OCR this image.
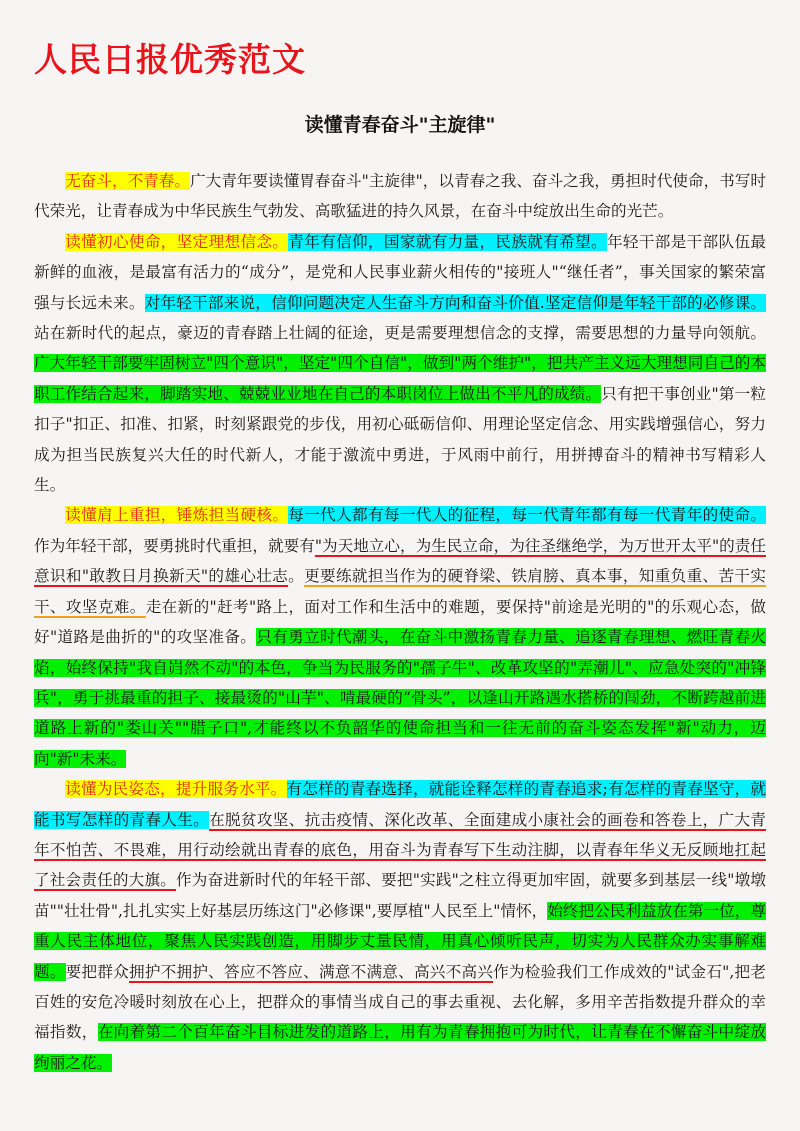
人民日报优秀范文
读懂青春奋斗"主旋律"

无奋斗，不青春。广大青年要读懂胃春奋斗"主旋律"，以青春之我、奋斗之我，勇担时代使命，书写时代荣光，让青春成为中华民族生气勃发、高歌猛进的持久风景，在奋斗中绽放出生命的光芒。

读懂初心使命，坚定理想信念。青年有信仰，国家就有力量，民族就有希望。年轻干部是干部队伍最新鲜的血液，是最富有活力的“成分”，是党和人民事业薪火相传的"接班人"“继任者”，事关国家的繁荣富强与长远未来。对年轻干部来说，信仰问题决定人生奋斗方向和奋斗价值.坚定信仰是年轻干部的必修课。站在新时代的起点，豪迈的青春踏上壮阔的征途，更是需要理想信念的支撑，需要思想的力量导向领航。广大年轻干部要牢固树立"四个意识"，坚定"四个自信"，做到"两个维护"，把共产主义远大理想同自己的本职工作结合起来，脚踏实地、兢兢业业地在自己的本职岗位上做出不平凡的成绩。只有把干事创业"第一粒扣子"扣正、扣准、扣紧，时刻紧跟党的步伐，用初心砥砺信仰、用理论坚定信念、用实践增强信心，努力成为担当民族复兴大任的时代新人，才能于激流中勇进，于风雨中前行，用拼搏奋斗的精神书写精彩人生。

读懂肩上重担，锤炼担当硬核。每一代人都有每一代人的征程，每一代青年都有每一代青年的使命。作为年轻干部，要勇挑时代重担，就要有"为天地立心，为生民立命，为往圣继绝学，为万世开太平"的责任意识和"敢教日月换新天"的雄心壮志。更要练就担当作为的硬脊梁、铁肩膀、真本事，知重负重、苦干实干、攻坚克难。走在新的"赶考"路上，面对工作和生活中的难题，要保持"前途是光明的"的乐观心态，做好"道路是曲折的"的攻坚准备。只有勇立时代潮头，在奋斗中激扬青春力量、追逐青春理想、燃旺青春火焰，始终保持"我自岿然不动"的本色，争当为民服务的"孺子牛"、改革攻坚的"弄潮儿"、应急处突的"冲锋兵"，勇于挑最重的担子、接最烫的"山芋"、啃最硬的“骨头”，以逢山开路遇水搭桥的闯劲，不断跨越前进道路上新的"娄山关""腊子口",才能终以不负韶华的使命担当和一往无前的奋斗姿态发挥"新"动力，迈向"新"未来。

读懂为民姿态，提升服务水平。有怎样的青春选择，就能诠释怎样的青春追求;有怎样的青春坚守，就能书写怎样的青春人生。在脱贫攻坚、抗击疫情、深化改革、全面建成小康社会的画卷和答卷上，广大青年不怕苦、不畏难，用行动绘就出青春的底色，用奋斗为青春写下生动注脚，以青春年华义无反顾地扛起了社会责任的大旗。作为奋进新时代的年轻干部、要把"实践"之柱立得更加牢固，就要多到基层一线"墩墩苗""壮壮骨",扎扎实实上好基层历练这门"必修课",要厚植"人民至上"情怀，始终把公民利益放在第一位，尊重人民主体地位，聚焦人民实践创造，用脚步丈量民情，用真心倾听民声，切实为人民群众办实事解难题。要把群众拥护不拥护、答应不答应、满意不满意、高兴不高兴作为检验我们工作成效的"试金石",把老百姓的安危冷暖时刻放在心上，把群众的事情当成自己的事去重视、去化解，多用辛苦指数提升群众的幸福指数，在向着第二个百年奋斗目标进发的道路上，用有为青春拥抱可为时代，让青春在不懈奋斗中绽放绚丽之花。
